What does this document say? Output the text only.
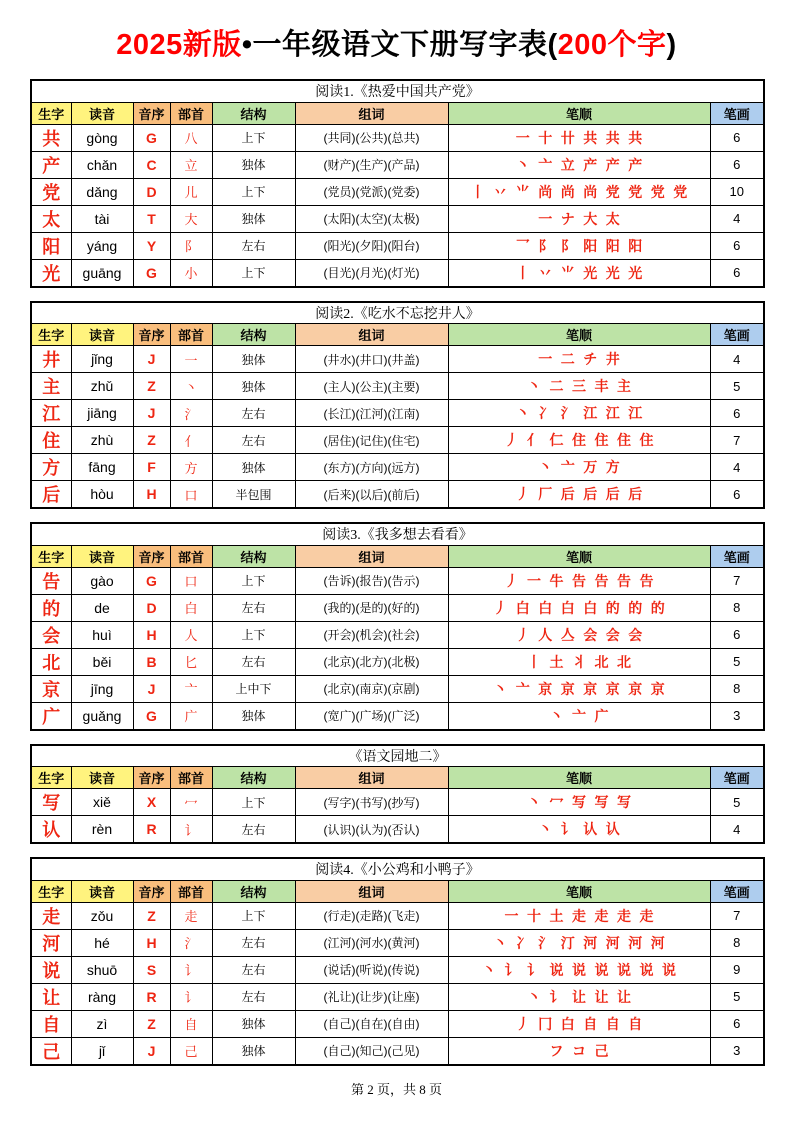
2025新版•一年级语文下册写字表(200个字)
阅读1.《热爱中国共产党》							
生字	读音	音序	部首	结构	组词	笔顺	笔画
共	gòng	G	八	上下	(共同)(公共)(总共)	一 十 卄 共 共 共	6
产	chǎn	C	立	独体	(财产)(生产)(产品)	丶 亠 立 产 产 产	6
党	dǎng	D	儿	上下	(党员)(党派)(党委)	丨 丷 ⺌ 尚 尚 尚 党 党 党 党	10
太	tài	T	大	独体	(太阳)(太空)(太极)	一 ナ 大 太	4
阳	yáng	Y	阝	左右	(阳光)(夕阳)(阳台)	乛 阝 阝 阳 阳 阳	6
光	guāng	G	小	上下	(目光)(月光)(灯光)	丨 丷 ⺌ 光 光 光	6
阅读2.《吃水不忘挖井人》							
生字	读音	音序	部首	结构	组词	笔顺	笔画
井	jǐng	J	一	独体	(井水)(井口)(井盖)	一 二 チ 井	4
主	zhǔ	Z	丶	独体	(主人)(公主)(主要)	丶 二 三 丰 主	5
江	jiāng	J	氵	左右	(长江)(江河)(江南)	丶 冫 氵 江 江 江	6
住	zhù	Z	亻	左右	(居住)(记住)(住宅)	丿 亻 仁 住 住 住 住	7
方	fāng	F	方	独体	(东方)(方向)(远方)	丶 亠 万 方	4
后	hòu	H	口	半包围	(后来)(以后)(前后)	丿 厂 后 后 后 后	6
阅读3.《我多想去看看》							
生字	读音	音序	部首	结构	组词	笔顺	笔画
告	gào	G	口	上下	(告诉)(报告)(告示)	丿 一 牛 告 告 告 告	7
的	de	D	白	左右	(我的)(是的)(好的)	丿 白 白 白 白 的 的 的	8
会	huì	H	人	上下	(开会)(机会)(社会)	丿 人 亼 会 会 会	6
北	běi	B	匕	左右	(北京)(北方)(北极)	丨 土 丬 北 北	5
京	jīng	J	亠	上中下	(北京)(南京)(京剧)	丶 亠 京 京 京 京 京 京	8
广	guǎng	G	广	独体	(宽广)(广场)(广泛)	丶 亠 广	3
《语文园地二》							
生字	读音	音序	部首	结构	组词	笔顺	笔画
写	xiě	X	冖	上下	(写字)(书写)(抄写)	丶 冖 写 写 写	5
认	rèn	R	讠	左右	(认识)(认为)(否认)	丶 讠 认 认	4
阅读4.《小公鸡和小鸭子》							
生字	读音	音序	部首	结构	组词	笔顺	笔画
走	zǒu	Z	走	上下	(行走)(走路)(飞走)	一 十 土 走 走 走 走	7
河	hé	H	氵	左右	(江河)(河水)(黄河)	丶 冫 氵 汀 河 河 河 河	8
说	shuō	S	讠	左右	(说话)(听说)(传说)	丶 讠 讠 说 说 说 说 说 说	9
让	ràng	R	讠	左右	(礼让)(让步)(让座)	丶 讠 让 让 让	5
自	zì	Z	自	独体	(自己)(自在)(自由)	丿 冂 白 自 自 自	6
己	jǐ	J	己	独体	(自己)(知己)(己见)	フ コ 己	3
第 2 页，共 8 页
